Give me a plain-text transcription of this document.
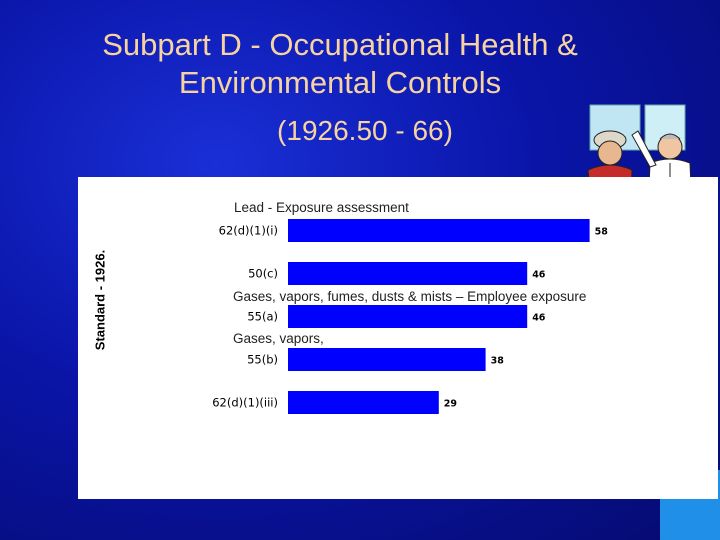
Subpart D - Occupational Health &
Environmental Controls
(1926.50 - 66)
62(d)(1)(i)	58
50(c)	46
55(a)	46
55(b)	38
62(d)(1)(iii)	29
Standard - 1926.
Lead - Exposure assessment
Gases, vapors, fumes, dusts & mists – Employee exposure
Gases, vapors,
